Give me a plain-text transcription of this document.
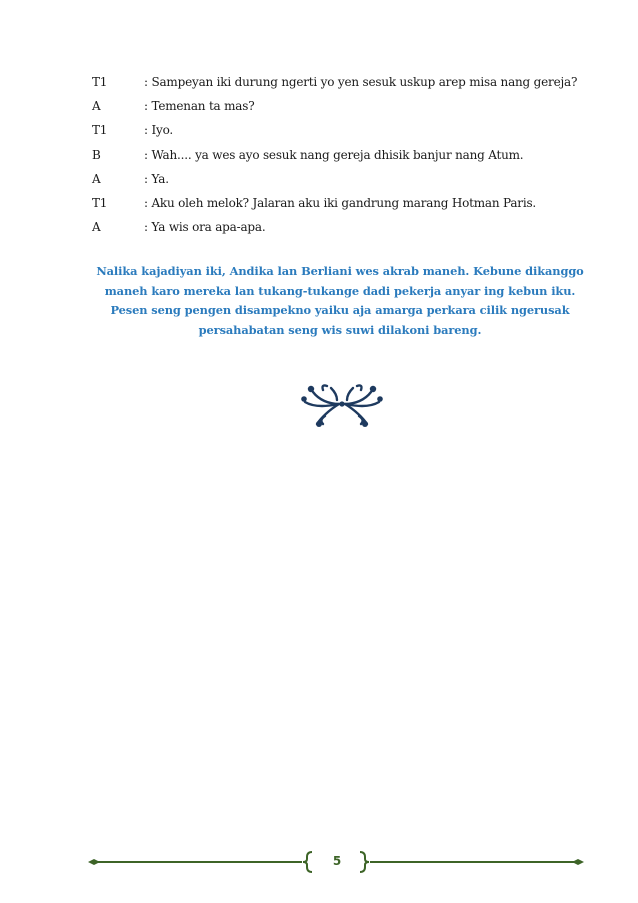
T1	: Sampeyan iki durung ngerti yo yen sesuk uskup arep misa nang gereja?
A	: Temenan ta mas?
T1	: Iyo.
B	: Wah.... ya wes ayo sesuk nang gereja dhisik banjur nang Atum.
A	: Ya.
T1	: Aku oleh melok? Jalaran aku iki gandrung marang Hotman Paris.
A	: Ya wis ora apa-apa.
Nalika kajadiyan iki, Andika lan Berliani wes akrab maneh. Kebune dikanggo maneh karo mereka lan tukang-tukange dadi pekerja anyar ing kebun iku. Pesen seng pengen disampekno yaiku aja amarga perkara cilik ngerusak persahabatan seng wis suwi dilakoni bareng.
5
